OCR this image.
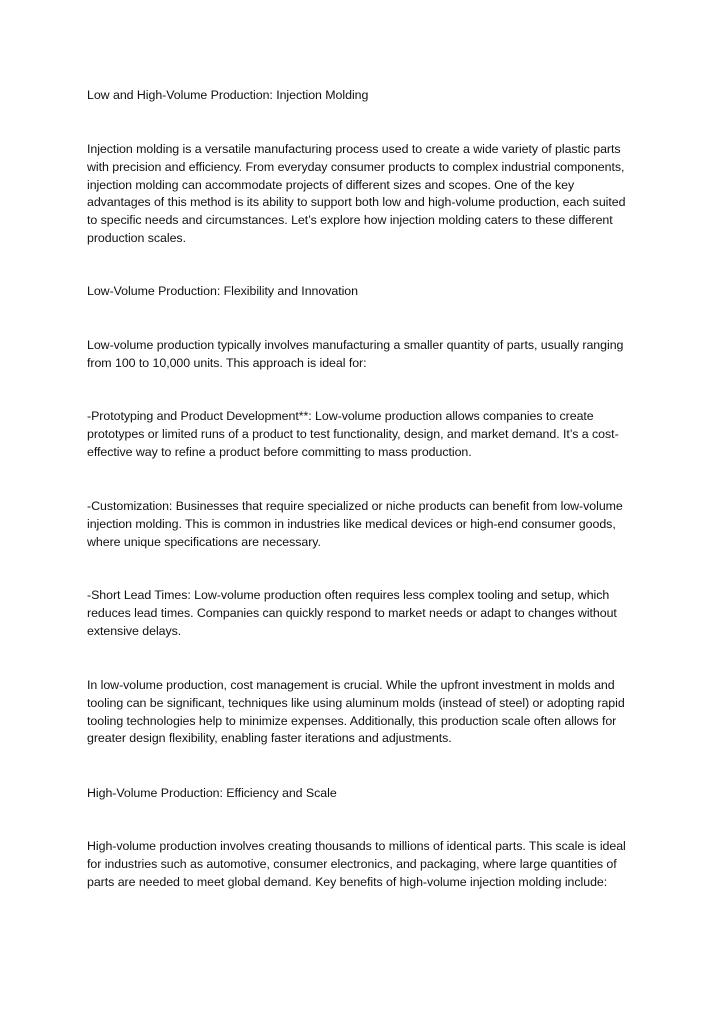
Low and High-Volume Production: Injection Molding

Injection molding is a versatile manufacturing process used to create a wide variety of plastic parts with precision and efficiency. From everyday consumer products to complex industrial components, injection molding can accommodate projects of different sizes and scopes. One of the key advantages of this method is its ability to support both low and high-volume production, each suited to specific needs and circumstances. Let’s explore how injection molding caters to these different production scales.

Low-Volume Production: Flexibility and Innovation

Low-volume production typically involves manufacturing a smaller quantity of parts, usually ranging from 100 to 10,000 units. This approach is ideal for:

-Prototyping and Product Development**: Low-volume production allows companies to create prototypes or limited runs of a product to test functionality, design, and market demand. It’s a cost-effective way to refine a product before committing to mass production.

-Customization: Businesses that require specialized or niche products can benefit from low-volume injection molding. This is common in industries like medical devices or high-end consumer goods, where unique specifications are necessary.

-Short Lead Times: Low-volume production often requires less complex tooling and setup, which reduces lead times. Companies can quickly respond to market needs or adapt to changes without extensive delays.

In low-volume production, cost management is crucial. While the upfront investment in molds and tooling can be significant, techniques like using aluminum molds (instead of steel) or adopting rapid tooling technologies help to minimize expenses. Additionally, this production scale often allows for greater design flexibility, enabling faster iterations and adjustments.

High-Volume Production: Efficiency and Scale

High-volume production involves creating thousands to millions of identical parts. This scale is ideal for industries such as automotive, consumer electronics, and packaging, where large quantities of parts are needed to meet global demand. Key benefits of high-volume injection molding include:
